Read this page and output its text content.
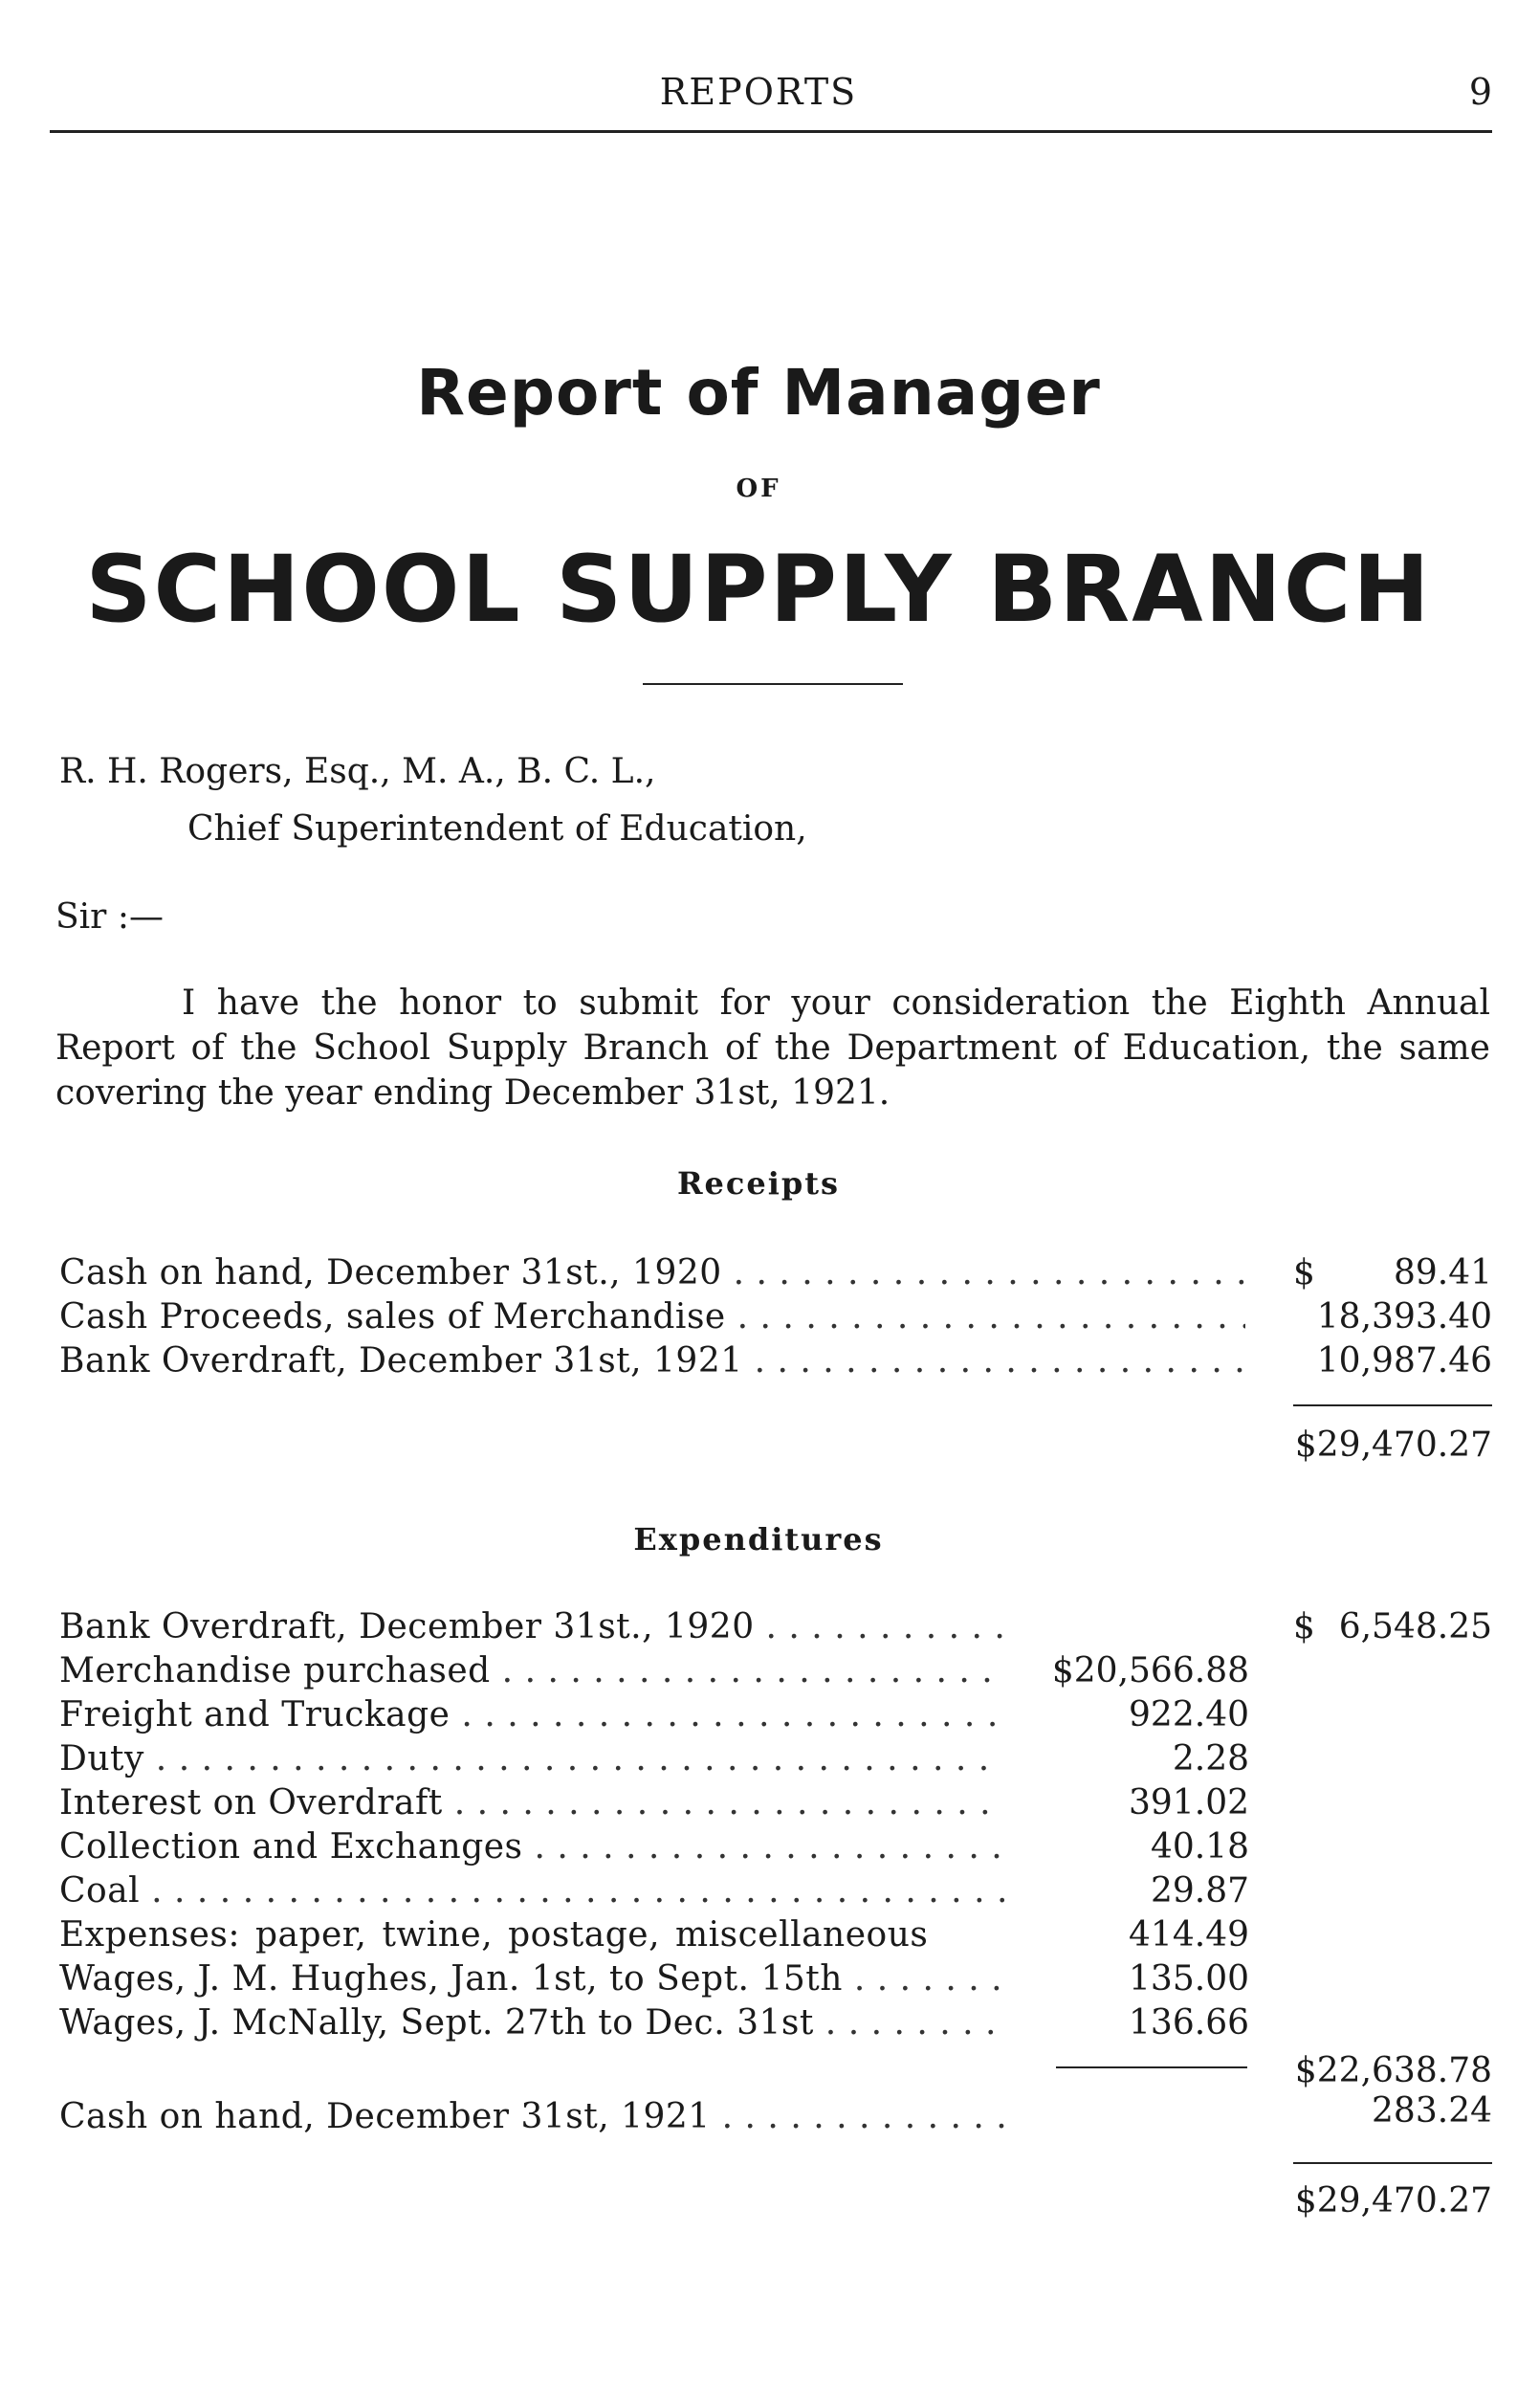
REPORTS	9
Report of Manager
OF
SCHOOL SUPPLY BRANCH
R. H. Rogers, Esq., M. A., B. C. L.,
Chief Superintendent of Education,
Sir :—
I have the honor to submit for your consideration the Eighth Annual Report of the School Supply Branch of the Department of Education, the same covering the year ending December 31st, 1921.
Receipts
Cash on hand, December 31st., 1920 . . .	$ 89.41
Cash Proceeds, sales of Merchandise . . .	18,393.40
Bank Overdraft, December 31st, 1921 . . .	10,987.46
$29,470.27
Expenditures
Bank Overdraft, December 31st., 1920 . . .	$ 6,548.25
Merchandise purchased . . .	$20,566.88
Freight and Truckage . . .	922.40
Duty . . .	2.28
Interest on Overdraft . . .	391.02
Collection and Exchanges . . .	40.18
Coal . . .	29.87
Expenses: paper, twine, postage, miscellaneous	414.49
Wages, J. M. Hughes, Jan. 1st, to Sept. 15th . . .	135.00
Wages, J. McNally, Sept. 27th to Dec. 31st . . .	136.66
$22,638.78
Cash on hand, December 31st, 1921 . . .	283.24
$29,470.27
